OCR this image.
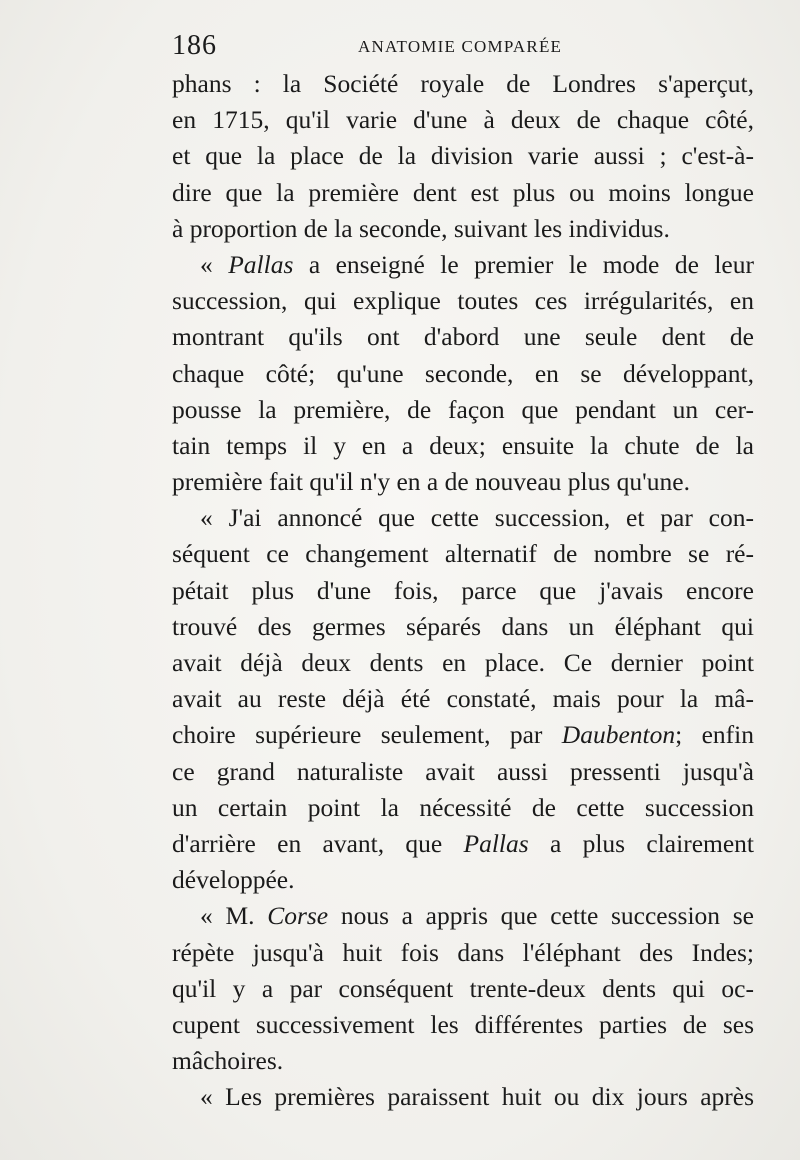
186	ANATOMIE COMPARÉE
phans : la Société royale de Londres s'aperçut,
en 1715, qu'il varie d'une à deux de chaque côté,
et que la place de la division varie aussi ; c'est-à-
dire que la première dent est plus ou moins longue
à proportion de la seconde, suivant les individus.
« Pallas a enseigné le premier le mode de leur
succession, qui explique toutes ces irrégularités, en
montrant qu'ils ont d'abord une seule dent de
chaque côté; qu'une seconde, en se développant,
pousse la première, de façon que pendant un cer-
tain temps il y en a deux; ensuite la chute de la
première fait qu'il n'y en a de nouveau plus qu'une.
« J'ai annoncé que cette succession, et par con-
séquent ce changement alternatif de nombre se ré-
pétait plus d'une fois, parce que j'avais encore
trouvé des germes séparés dans un éléphant qui
avait déjà deux dents en place. Ce dernier point
avait au reste déjà été constaté, mais pour la mâ-
choire supérieure seulement, par Daubenton; enfin
ce grand naturaliste avait aussi pressenti jusqu'à
un certain point la nécessité de cette succession
d'arrière en avant, que Pallas a plus clairement
développée.
« M. Corse nous a appris que cette succession se
répète jusqu'à huit fois dans l'éléphant des Indes;
qu'il y a par conséquent trente-deux dents qui oc-
cupent successivement les différentes parties de ses
mâchoires.
« Les premières paraissent huit ou dix jours après
